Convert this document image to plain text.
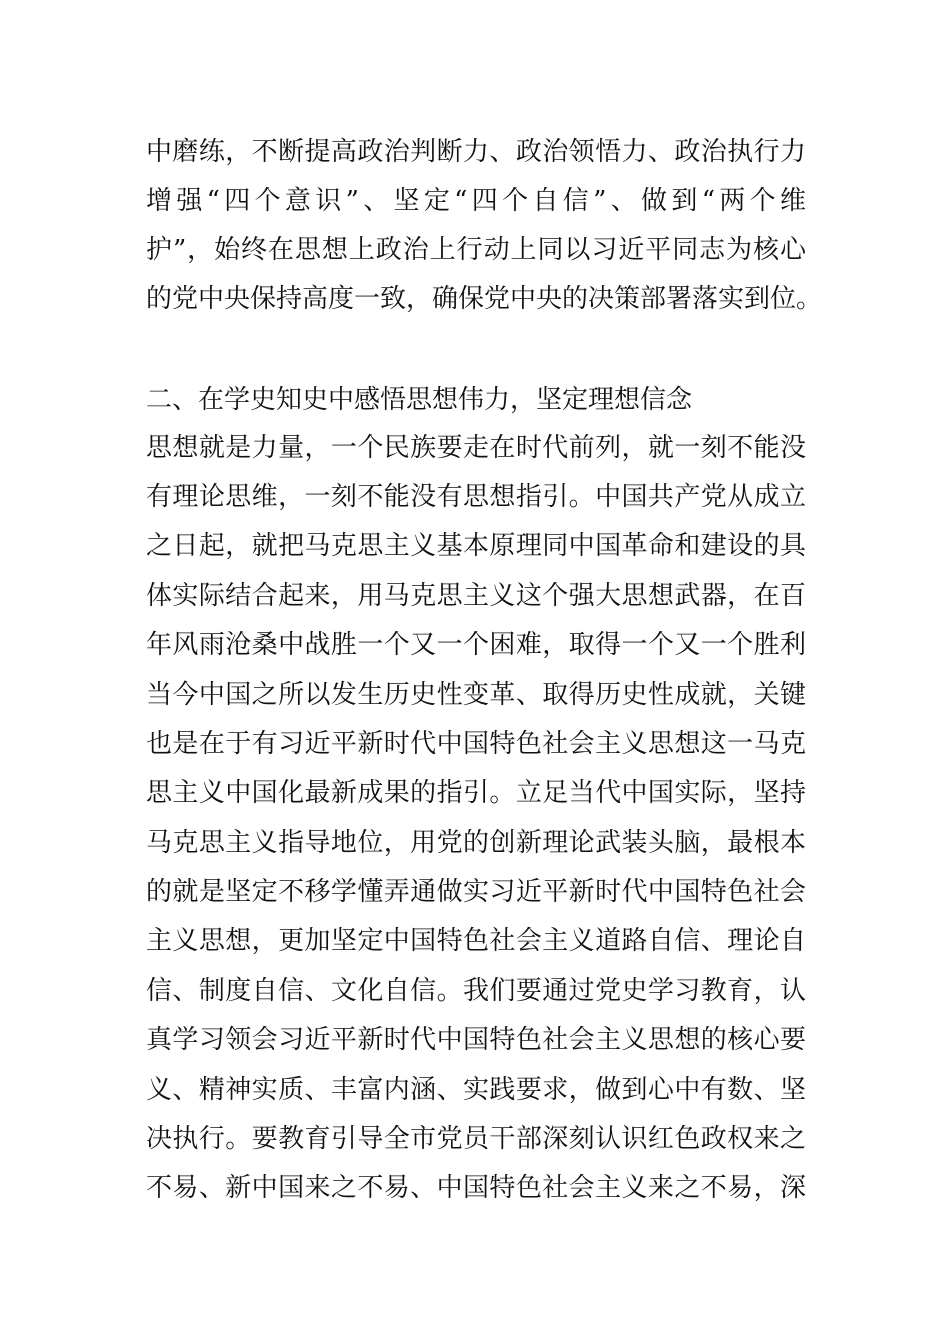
中磨练，不断提高政治判断力、政治领悟力、政治执行力
增强“四个意识”、坚定“四个自信”、做到“两个维
护”，始终在思想上政治上行动上同以习近平同志为核心
的党中央保持高度一致，确保党中央的决策部署落实到位。
二、在学史知史中感悟思想伟力，坚定理想信念
思想就是力量，一个民族要走在时代前列，就一刻不能没
有理论思维，一刻不能没有思想指引。中国共产党从成立
之日起，就把马克思主义基本原理同中国革命和建设的具
体实际结合起来，用马克思主义这个强大思想武器，在百
年风雨沧桑中战胜一个又一个困难，取得一个又一个胜利
当今中国之所以发生历史性变革、取得历史性成就，关键
也是在于有习近平新时代中国特色社会主义思想这一马克
思主义中国化最新成果的指引。立足当代中国实际，坚持
马克思主义指导地位，用党的创新理论武装头脑，最根本
的就是坚定不移学懂弄通做实习近平新时代中国特色社会
主义思想，更加坚定中国特色社会主义道路自信、理论自
信、制度自信、文化自信。我们要通过党史学习教育，认
真学习领会习近平新时代中国特色社会主义思想的核心要
义、精神实质、丰富内涵、实践要求，做到心中有数、坚
决执行。要教育引导全市党员干部深刻认识红色政权来之
不易、新中国来之不易、中国特色社会主义来之不易，深
